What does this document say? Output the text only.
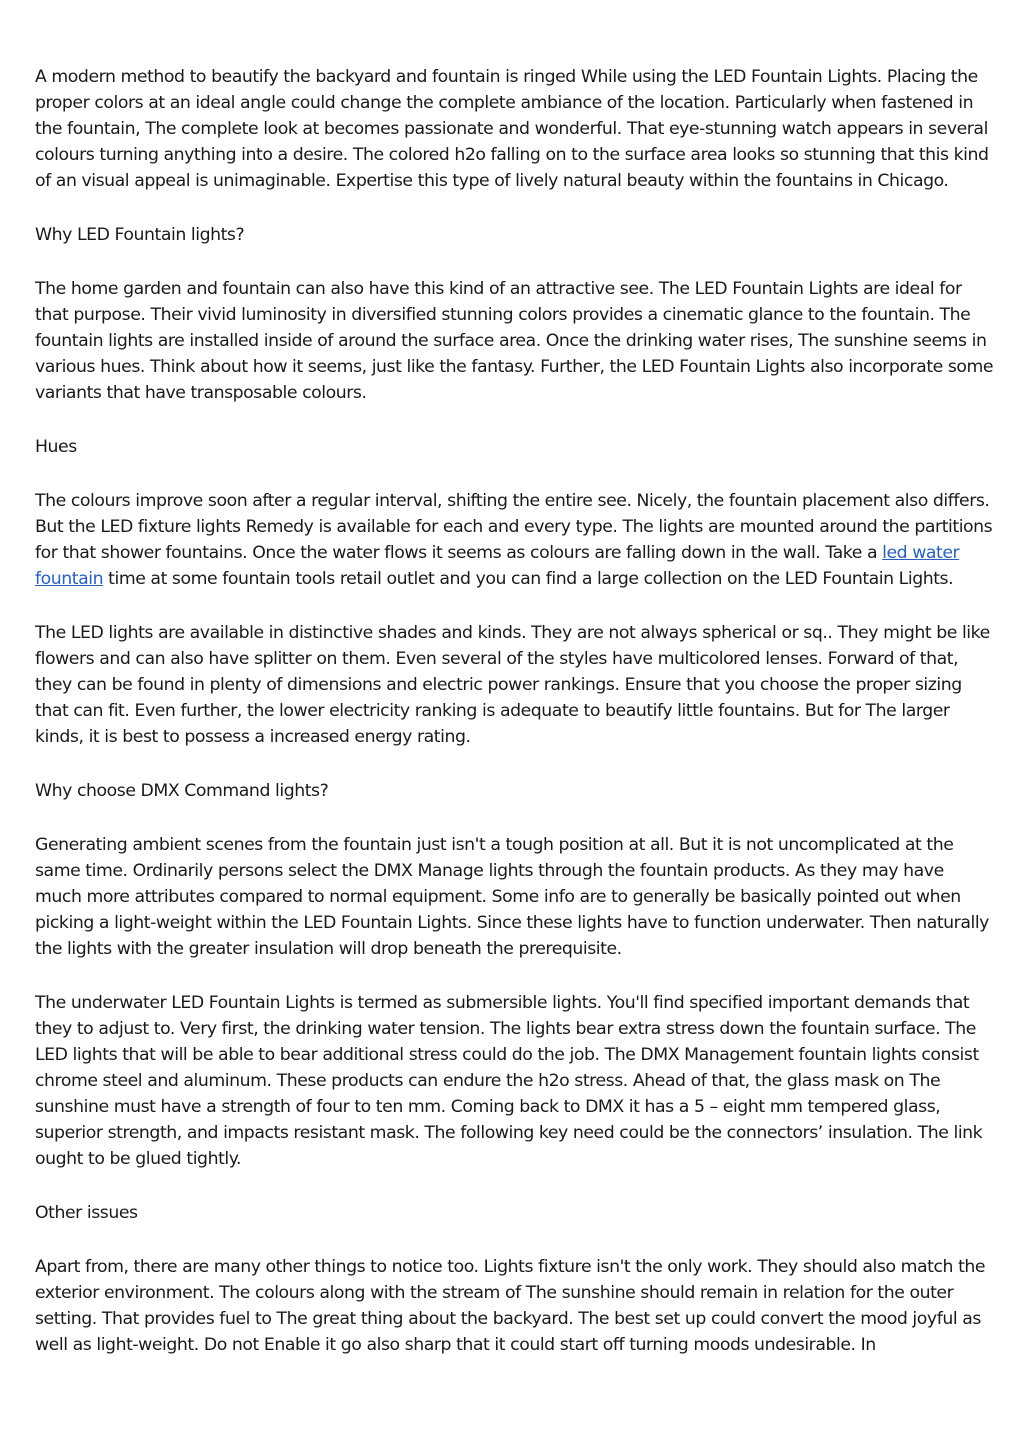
A modern method to beautify the backyard and fountain is ringed While using the LED Fountain Lights. Placing the proper colors at an ideal angle could change the complete ambiance of the location. Particularly when fastened in the fountain, The complete look at becomes passionate and wonderful. That eye-stunning watch appears in several colours turning anything into a desire. The colored h2o falling on to the surface area looks so stunning that this kind of an visual appeal is unimaginable. Expertise this type of lively natural beauty within the fountains in Chicago.

Why LED Fountain lights?

The home garden and fountain can also have this kind of an attractive see. The LED Fountain Lights are ideal for that purpose. Their vivid luminosity in diversified stunning colors provides a cinematic glance to the fountain. The fountain lights are installed inside of around the surface area. Once the drinking water rises, The sunshine seems in various hues. Think about how it seems, just like the fantasy. Further, the LED Fountain Lights also incorporate some variants that have transposable colours.

Hues

The colours improve soon after a regular interval, shifting the entire see. Nicely, the fountain placement also differs. But the LED fixture lights Remedy is available for each and every type. The lights are mounted around the partitions for that shower fountains. Once the water flows it seems as colours are falling down in the wall. Take a led water fountain time at some fountain tools retail outlet and you can find a large collection on the LED Fountain Lights.

The LED lights are available in distinctive shades and kinds. They are not always spherical or sq.. They might be like flowers and can also have splitter on them. Even several of the styles have multicolored lenses. Forward of that, they can be found in plenty of dimensions and electric power rankings. Ensure that you choose the proper sizing that can fit. Even further, the lower electricity ranking is adequate to beautify little fountains. But for The larger kinds, it is best to possess a increased energy rating.

Why choose DMX Command lights?

Generating ambient scenes from the fountain just isn't a tough position at all. But it is not uncomplicated at the same time. Ordinarily persons select the DMX Manage lights through the fountain products. As they may have much more attributes compared to normal equipment. Some info are to generally be basically pointed out when picking a light-weight within the LED Fountain Lights. Since these lights have to function underwater. Then naturally the lights with the greater insulation will drop beneath the prerequisite.

The underwater LED Fountain Lights is termed as submersible lights. You'll find specified important demands that they to adjust to. Very first, the drinking water tension. The lights bear extra stress down the fountain surface. The LED lights that will be able to bear additional stress could do the job. The DMX Management fountain lights consist chrome steel and aluminum. These products can endure the h2o stress. Ahead of that, the glass mask on The sunshine must have a strength of four to ten mm. Coming back to DMX it has a 5 – eight mm tempered glass, superior strength, and impacts resistant mask. The following key need could be the connectors’ insulation. The link ought to be glued tightly.

Other issues

Apart from, there are many other things to notice too. Lights fixture isn't the only work. They should also match the exterior environment. The colours along with the stream of The sunshine should remain in relation for the outer setting. That provides fuel to The great thing about the backyard. The best set up could convert the mood joyful as well as light-weight. Do not Enable it go also sharp that it could start off turning moods undesirable. In
